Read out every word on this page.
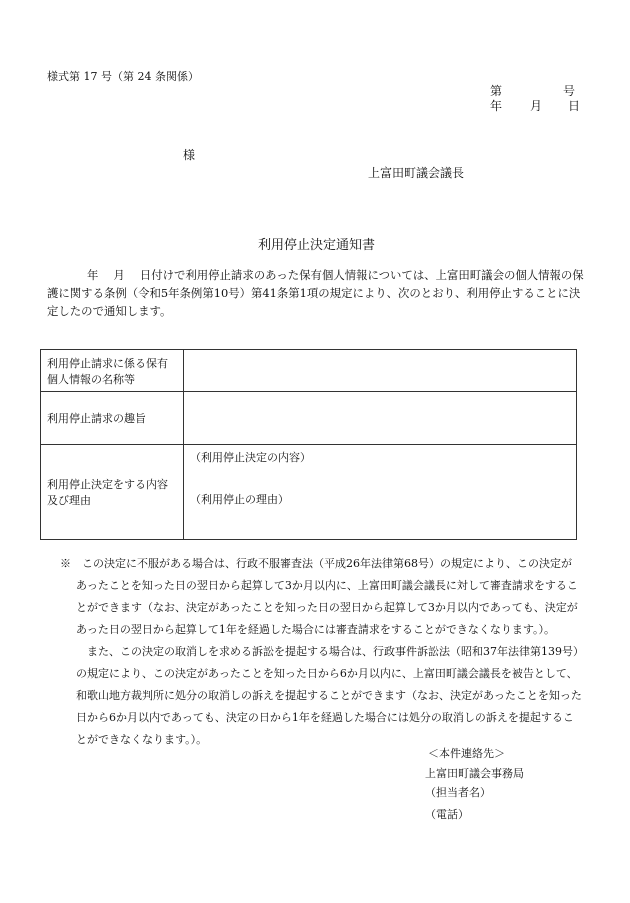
様式第 17 号（第 24 条関係）
第	号
年 月 日
様
上富田町議会議長
利用停止決定通知書
年　 月　 日付けで利用停止請求のあった保有個人情報については、上富田町議会の個人情報の保護に関する条例（令和5年条例第10号）第41条第1項の規定により、次のとおり、利用停止することに決定したので通知します。
利用停止請求に係る保有個人情報の名称等	
利用停止請求の趣旨	
利用停止決定をする内容及び理由	（利用停止決定の内容）
（利用停止の理由）

※　この決定に不服がある場合は、行政不服審査法（平成26年法律第68号）の規定により、この決定があったことを知った日の翌日から起算して3か月以内に、上富田町議会議長に対して審査請求をすることができます（なお、決定があったことを知った日の翌日から起算して3か月以内であっても、決定があった日の翌日から起算して1年を経過した場合には審査請求をすることができなくなります。）。

　また、この決定の取消しを求める訴訟を提起する場合は、行政事件訴訟法（昭和37年法律第139号）の規定により、この決定があったことを知った日から6か月以内に、上富田町議会議長を被告として、和歌山地方裁判所に処分の取消しの訴えを提起することができます（なお、決定があったことを知った日から6か月以内であっても、決定の日から1年を経過した場合には処分の取消しの訴えを提起することができなくなります。）。

＜本件連絡先＞
上富田町議会事務局
（担当者名）
（電話）
